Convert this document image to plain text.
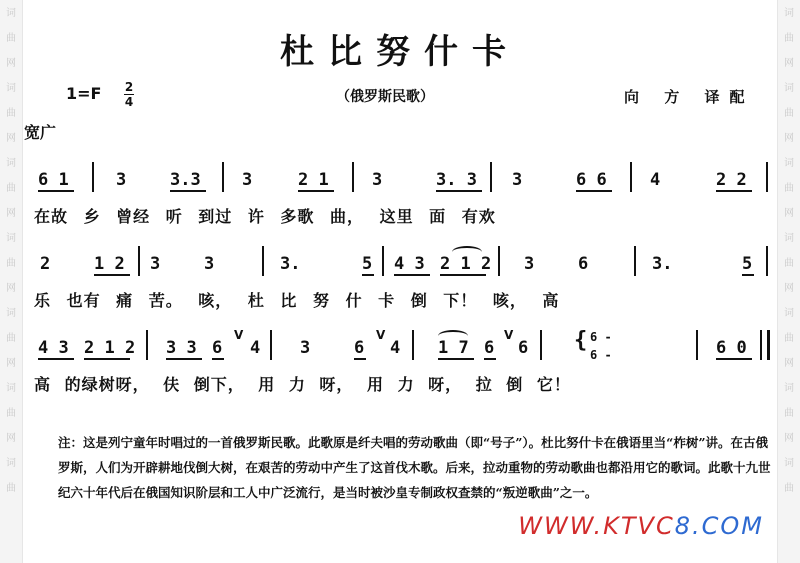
词
曲
网
词
曲
网
词
曲
网
词
曲
网
词
曲
网
词
曲
网
词
曲
词
曲
网
词
曲
网
词
曲
网
词
曲
网
词
曲
网
词
曲
网
词
曲
杜比努什卡
1=F 2
4	（俄罗斯民歌）	向 方 译配
宽广
6 1	3	3.3 3	2 1	3	3. 3 3	6 6	4	2 2
在故 乡 曾经 听 到过 许 多歌 曲， 这里 面 有欢
2	1 2 3	3	3.	5 4 3 2 1 2 3	6	3.	5
乐 也有 痛 苦。 咳， 杜 比 努 什 卡 倒 下！ 咳， 高
4 3 2 1 2 3 3 6
V
4 3	6
V
4 1 7 6
V
6 { 6 -
6 -	6 0
高 的绿树呀， 伕 倒下， 用 力 呀， 用 力 呀， 拉 倒 它！
注：这是列宁童年时唱过的一首俄罗斯民歌。此歌原是纤夫唱的劳动歌曲（即“号子”）。杜比努什卡在俄语里当“柞树”讲。在古俄罗斯，人们为开辟耕地伐倒大树，在艰苦的劳动中产生了这首伐木歌。后来，拉动重物的劳动歌曲也都沿用它的歌词。此歌十九世纪六十年代后在俄国知识阶层和工人中广泛流行，是当时被沙皇专制政权查禁的“叛逆歌曲”之一。
WWW.KTVC8.COM
